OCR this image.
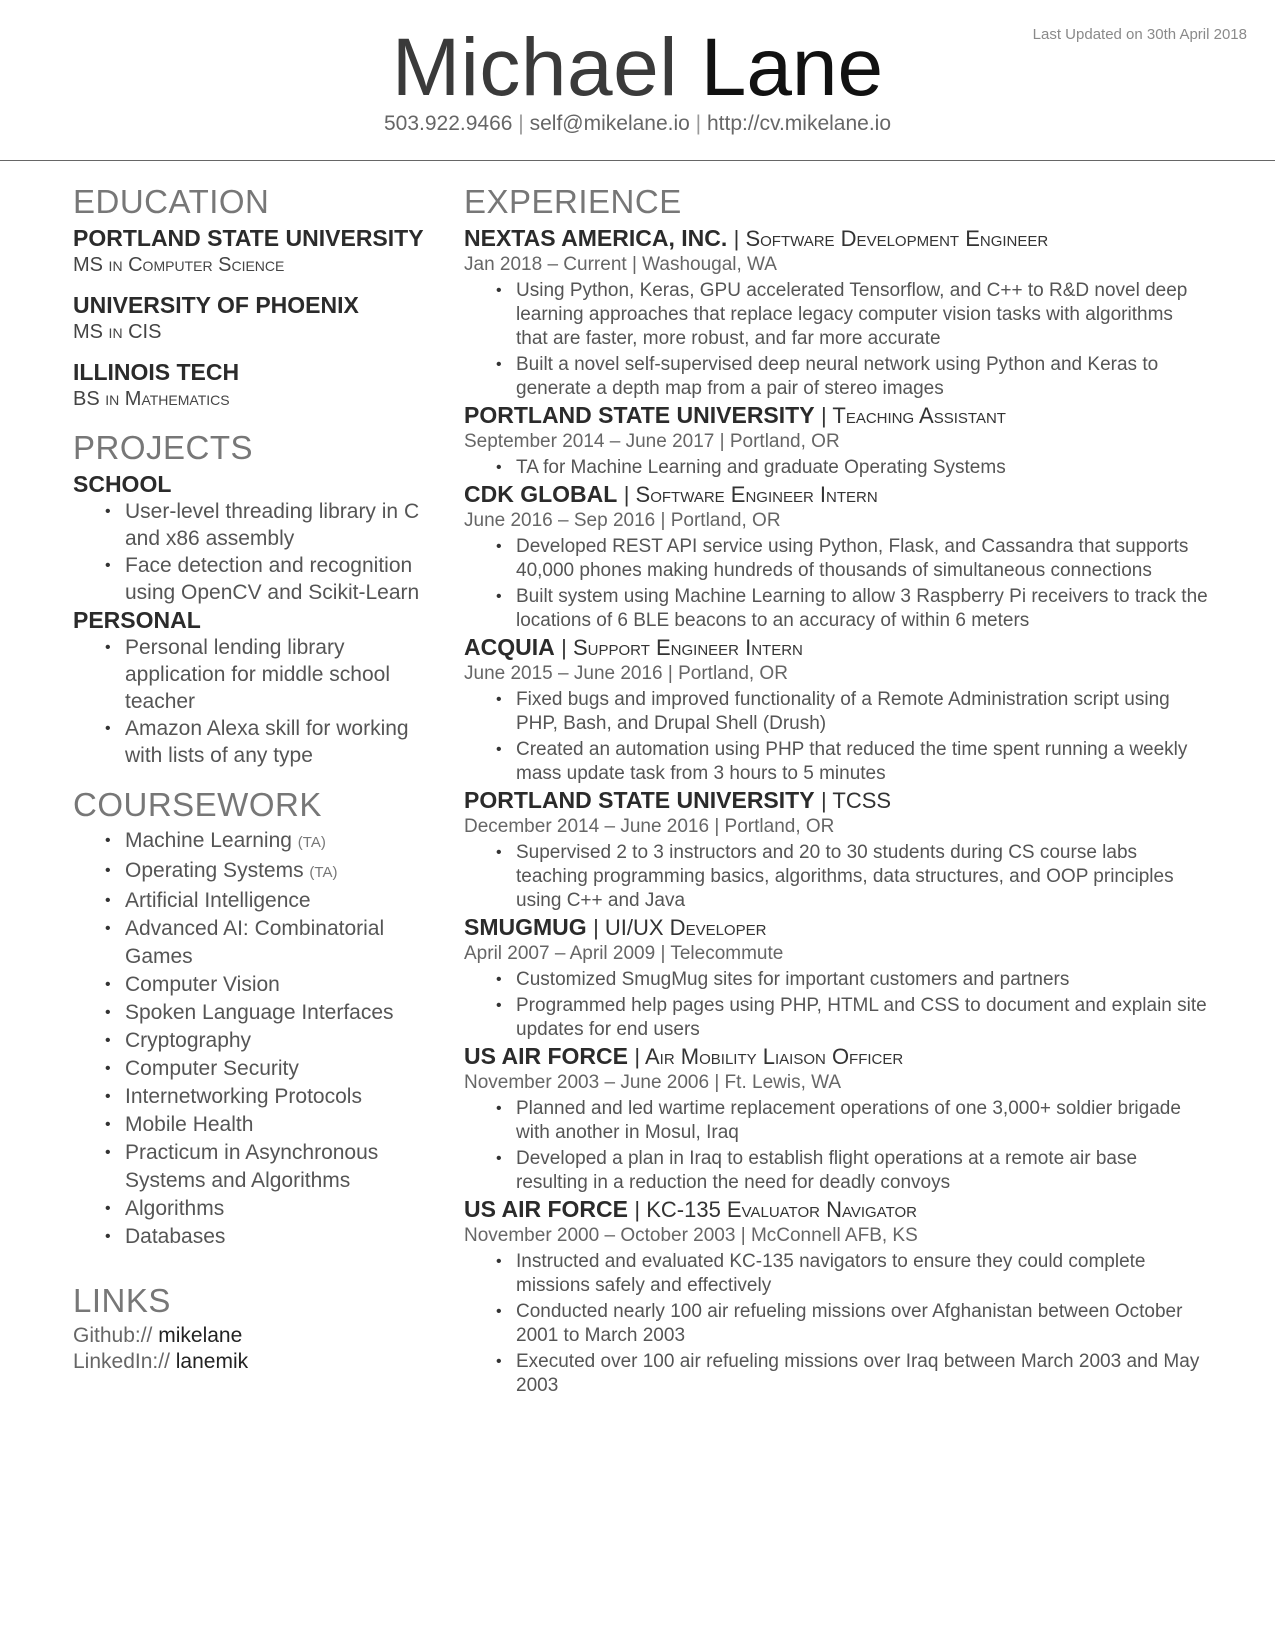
Last Updated on 30th April 2018
Michael Lane
503.922.9466 | self@mikelane.io | http://cv.mikelane.io
EDUCATION
PORTLAND STATE UNIVERSITY
MS in Computer Science
UNIVERSITY OF PHOENIX
MS in CIS
ILLINOIS TECH
BS in Mathematics
PROJECTS
SCHOOL
• User-level threading library in C and x86 assembly
• Face detection and recognition using OpenCV and Scikit-Learn
PERSONAL
• Personal lending library application for middle school teacher
• Amazon Alexa skill for working with lists of any type
COURSEWORK
• Machine Learning (TA)
• Operating Systems (TA)
• Artificial Intelligence
• Advanced AI: Combinatorial Games
• Computer Vision
• Spoken Language Interfaces
• Cryptography
• Computer Security
• Internetworking Protocols
• Mobile Health
• Practicum in Asynchronous Systems and Algorithms
• Algorithms
• Databases
LINKS
Github:// mikelane
LinkedIn:// lanemik
EXPERIENCE
NEXTAS AMERICA, INC. | Software Development Engineer
Jan 2018 – Current | Washougal, WA
• Using Python, Keras, GPU accelerated Tensorflow, and C++ to R&D novel deep learning approaches that replace legacy computer vision tasks with algorithms that are faster, more robust, and far more accurate
• Built a novel self-supervised deep neural network using Python and Keras to generate a depth map from a pair of stereo images
PORTLAND STATE UNIVERSITY | Teaching Assistant
September 2014 – June 2017 | Portland, OR
• TA for Machine Learning and graduate Operating Systems
CDK GLOBAL | Software Engineer Intern
June 2016 – Sep 2016 | Portland, OR
• Developed REST API service using Python, Flask, and Cassandra that supports 40,000 phones making hundreds of thousands of simultaneous connections
• Built system using Machine Learning to allow 3 Raspberry Pi receivers to track the locations of 6 BLE beacons to an accuracy of within 6 meters
ACQUIA | Support Engineer Intern
June 2015 – June 2016 | Portland, OR
• Fixed bugs and improved functionality of a Remote Administration script using PHP, Bash, and Drupal Shell (Drush)
• Created an automation using PHP that reduced the time spent running a weekly mass update task from 3 hours to 5 minutes
PORTLAND STATE UNIVERSITY | TCSS
December 2014 – June 2016 | Portland, OR
• Supervised 2 to 3 instructors and 20 to 30 students during CS course labs teaching programming basics, algorithms, data structures, and OOP principles using C++ and Java
SMUGMUG | UI/UX Developer
April 2007 – April 2009 | Telecommute
• Customized SmugMug sites for important customers and partners
• Programmed help pages using PHP, HTML and CSS to document and explain site updates for end users
US AIR FORCE | Air Mobility Liaison Officer
November 2003 – June 2006 | Ft. Lewis, WA
• Planned and led wartime replacement operations of one 3,000+ soldier brigade with another in Mosul, Iraq
• Developed a plan in Iraq to establish flight operations at a remote air base resulting in a reduction the need for deadly convoys
US AIR FORCE | KC-135 Evaluator Navigator
November 2000 – October 2003 | McConnell AFB, KS
• Instructed and evaluated KC-135 navigators to ensure they could complete missions safely and effectively
• Conducted nearly 100 air refueling missions over Afghanistan between October 2001 to March 2003
• Executed over 100 air refueling missions over Iraq between March 2003 and May 2003
